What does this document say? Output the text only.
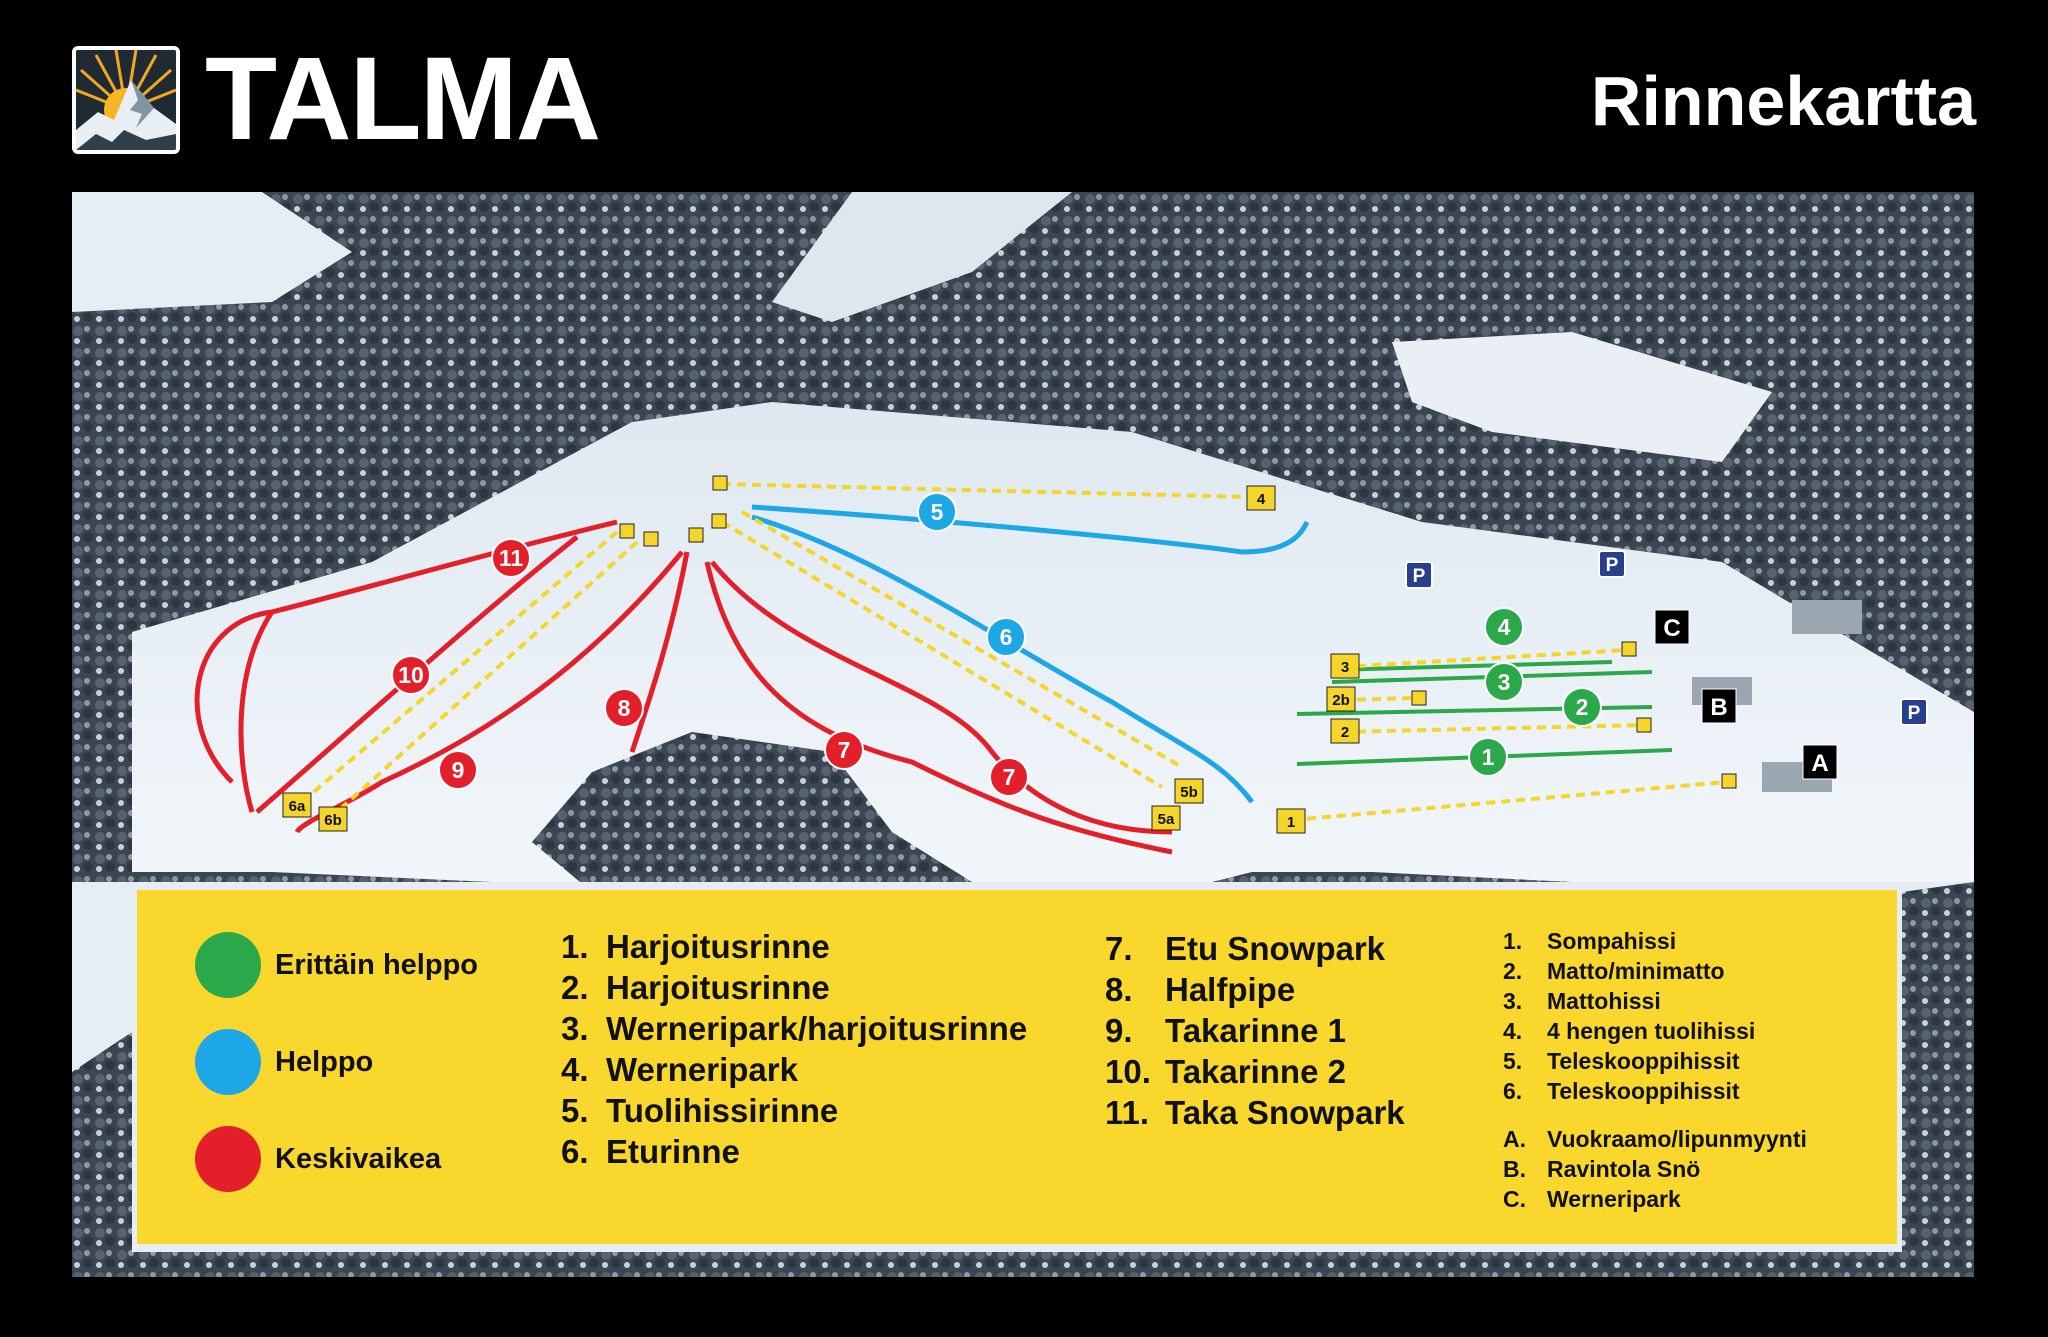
TALMA	Rinnekartta
1
2
3
4
5
6
7
7
8
9
10
11
1
2
2b
3
4
5a
5b
6a
6b
A
B
C
P
P
P
Erittäin helppo
Helppo
Keskivaikea
1. Harjoitusrinne
2. Harjoitusrinne
3. Werneripark/harjoitusrinne
4. Werneripark
5. Tuolihissirinne
6. Eturinne
7. Etu Snowpark
8. Halfpipe
9. Takarinne 1
10. Takarinne 2
11. Taka Snowpark
1.	Sompahissi
2.	Matto/minimatto
3.	Mattohissi
4.	4 hengen tuolihissi
5.	Teleskooppihissit
6.	Teleskooppihissit
A. Vuokraamo/lipunmyynti
B. Ravintola Snö
C. Werneripark
